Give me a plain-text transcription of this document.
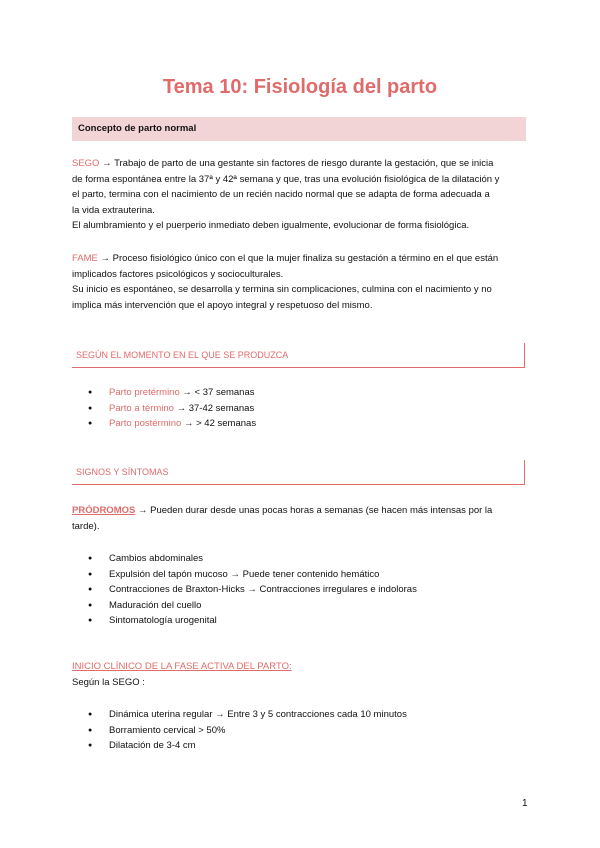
Tema 10: Fisiología del parto
Concepto de parto normal
SEGO → Trabajo de parto de una gestante sin factores de riesgo durante la gestación, que se inicia
de forma espontánea entre la 37ª y 42ª semana y que, tras una evolución fisiológica de la dilatación y
el parto, termina con el nacimiento de un recién nacido normal que se adapta de forma adecuada a
la vida extrauterina.
El alumbramiento y el puerperio inmediato deben igualmente, evolucionar de forma fisiológica.
FAME → Proceso fisiológico único con el que la mujer finaliza su gestación a término en el que están
implicados factores psicológicos y socioculturales.
Su inicio es espontáneo, se desarrolla y termina sin complicaciones, culmina con el nacimiento y no
implica más intervención que el apoyo integral y respetuoso del mismo.
SEGÚN EL MOMENTO EN EL QUE SE PRODUZCA
● Parto pretérmino → < 37 semanas
● Parto a término → 37-42 semanas
● Parto postérmino → > 42 semanas
SIGNOS Y SÍNTOMAS
PRÓDROMOS → Pueden durar desde unas pocas horas a semanas (se hacen más intensas por la
tarde).
● Cambios abdominales
● Expulsión del tapón mucoso → Puede tener contenido hemático
● Contracciones de Braxton-Hicks → Contracciones irregulares e indoloras
● Maduración del cuello
● Sintomatología urogenital
INICIO CLÍNICO DE LA FASE ACTIVA DEL PARTO:
Según la SEGO :
● Dinámica uterina regular → Entre 3 y 5 contracciones cada 10 minutos
● Borramiento cervical > 50%
● Dilatación de 3-4 cm
1
